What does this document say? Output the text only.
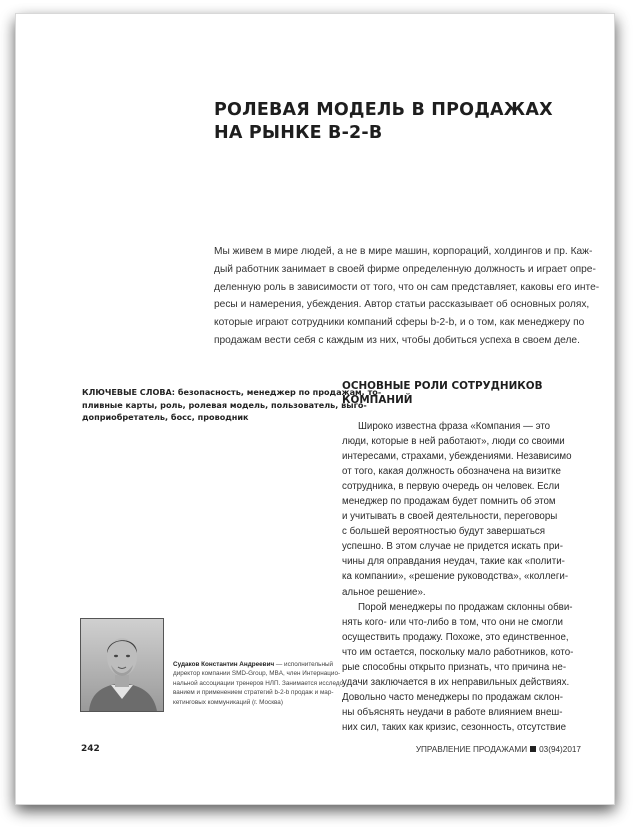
РОЛЕВАЯ МОДЕЛЬ В ПРОДАЖАХ
НА РЫНКЕ B-2-B
Мы живем в мире людей, а не в мире машин, корпораций, холдингов и пр. Каж-
дый работник занимает в своей фирме определенную должность и играет опре-
деленную роль в зависимости от того, что он сам представляет, каковы его инте-
ресы и намерения, убеждения. Автор статьи рассказывает об основных ролях,
которые играют сотрудники компаний сферы b-2-b, и о том, как менеджеру по
продажам вести себя с каждым из них, чтобы добиться успеха в своем деле.
КЛЮЧЕВЫЕ СЛОВА: безопасность, менеджер по продажам, то-
пливные карты, роль, ролевая модель, пользователь, выго-
доприобретатель, босс, проводник
ОСНОВНЫЕ РОЛИ СОТРУДНИКОВ
КОМПАНИЙ
Широко известна фраза «Компания — это
люди, которые в ней работают», люди со своими
интересами, страхами, убеждениями. Независимо
от того, какая должность обозначена на визитке
сотрудника, в первую очередь он человек. Если
менеджер по продажам будет помнить об этом
и учитывать в своей деятельности, переговоры
с большей вероятностью будут завершаться
успешно. В этом случае не придется искать при-
чины для оправдания неудач, такие как «полити-
ка компании», «решение руководства», «коллеги-
альное решение».
Порой менеджеры по продажам склонны обви-
нять кого- или что-либо в том, что они не смогли
осуществить продажу. Похоже, это единственное,
что им остается, поскольку мало работников, кото-
рые способны открыто признать, что причина не-
удачи заключается в их неправильных действиях.
Довольно часто менеджеры по продажам склон-
ны объяснять неудачи в работе влиянием внеш-
них сил, таких как кризис, сезонность, отсутствие
Судаков Константин Андреевич — исполнительный
директор компании SMD-Group, MBA, член Интернацио-
нальной ассоциации тренеров НЛП. Занимается исследо-
ванием и применением стратегий b-2-b продаж и мар-
кетинговых коммуникаций (г. Москва)
242	УПРАВЛЕНИЕ ПРОДАЖАМИ 03(94)2017
